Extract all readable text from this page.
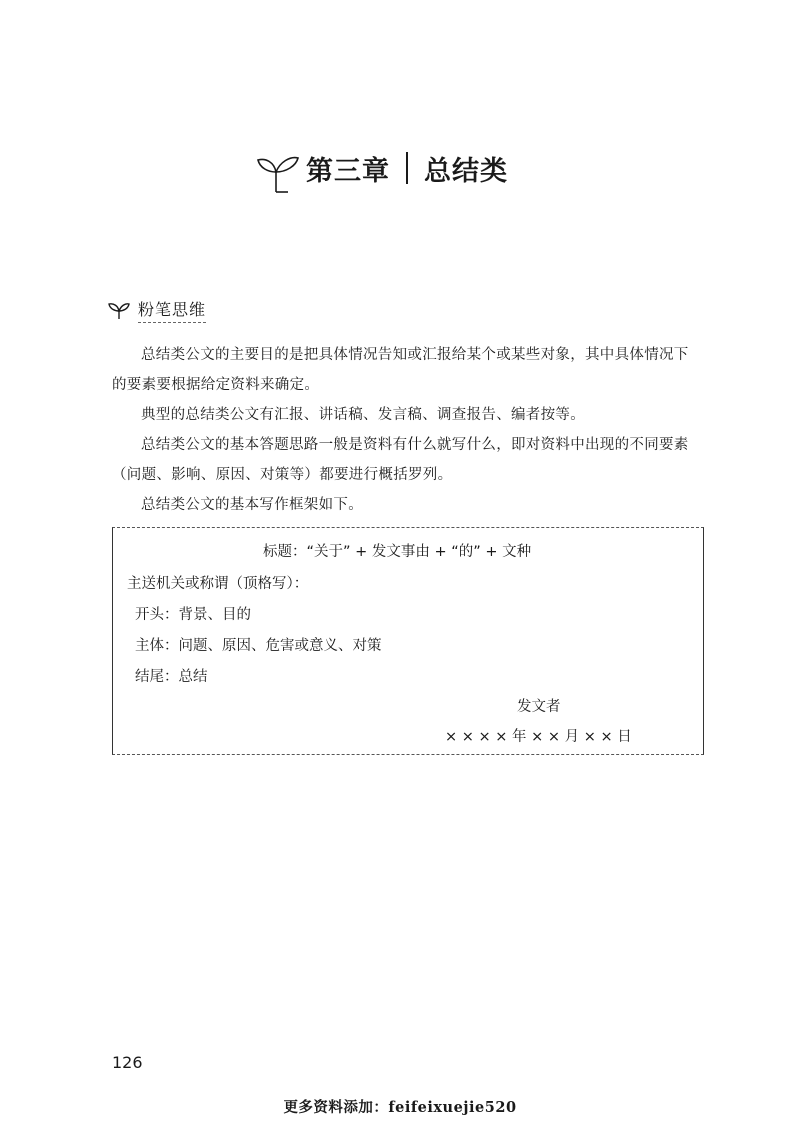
第三章 总结类
粉笔思维

总结类公文的主要目的是把具体情况告知或汇报给某个或某些对象，其中具体情况下的要素要根据给定资料来确定。

典型的总结类公文有汇报、讲话稿、发言稿、调查报告、编者按等。

总结类公文的基本答题思路一般是资料有什么就写什么，即对资料中出现的不同要素（问题、影响、原因、对策等）都要进行概括罗列。

总结类公文的基本写作框架如下。

标题：“关于” + 发文事由 + “的” + 文种
主送机关或称谓（顶格写）：
开头：背景、目的
主体：问题、原因、危害或意义、对策
结尾：总结
发文者
× × × × 年 × × 月 × × 日
126
更多资料添加：feifeixuejie520
